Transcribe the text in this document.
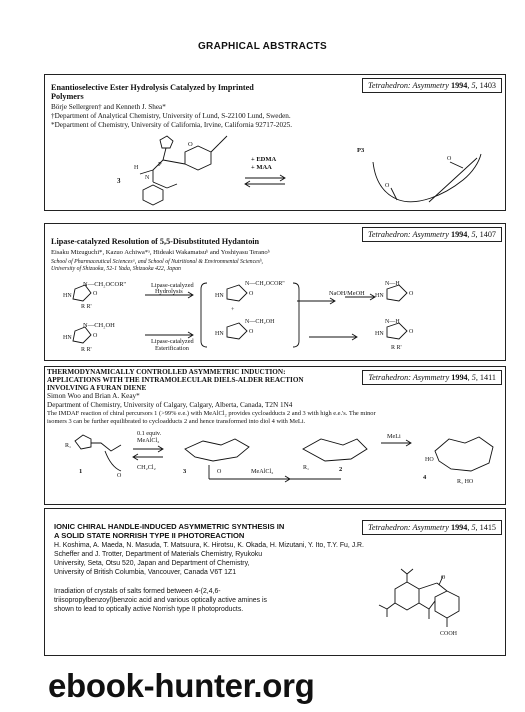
GRAPHICAL ABSTRACTS
Tetrahedron: Asymmetry 1994, 5, 1403
Enantioselective Ester Hydrolysis Catalyzed by Imprinted
Polymers
Börje Sellergren† and Kenneth J. Shea*
†Department of Analytical Chemistry, University of Lund, S-22100 Lund, Sweden.
*Department of Chemistry, University of California, Irvine, California 92717-2025.
3
O
P
N
H
+ EDMA
+ MAA
P3
O
O
Tetrahedron: Asymmetry 1994, 5, 1407
Lipase-catalyzed Resolution of 5,5-Disubstituted Hydantoin
Eisaku Mizuguchi*, Kazuo Achiwa*ᵃ, Hideaki Wakamatsuᵇ and Yoshiyasu Teranoᵇ
School of Pharmaceutical Sciencesᵃ, and School of Nutritional & Environmental Sciencesᵇ,
University of Shizuoka, 52-1 Yada, Shizuoka 422, Japan
N—CH₂OCOR''
N—CH₂OH
HN	O
R R'
HN	O
R R'
Lipase-catalyzed
Hydrolysis
Lipase-catalyzed
Esterification
N—CH₂OCOR''
HN	O
N—CH₂OH
HN	O
+
NaOH/MeOH
N—H
HN	O
N—H
HN	O
R R'
Tetrahedron: Asymmetry 1994, 5, 1411
THERMODYNAMICALLY CONTROLLED ASYMMETRIC INDUCTION:
APPLICATIONS WITH THE INTRAMOLECULAR DIELS-ALDER REACTION
INVOLVING A FURAN DIENE
Simon Woo and Brian A. Keay*
Department of Chemistry, University of Calgary, Calgary, Alberta, Canada, T2N 1N4
The IMDAF reaction of chiral percursors 1 (>99% e.e.) with MeAlCl₂ provides cycloadducts 2 and 3 with high e.e.'s. The minor
isomers 3 can be further equilibrated to cycloadducts 2 and hence transformed into diol 4 with MeLi.
R₁
1
O
0.1 equiv.
MeAlCl₂
CH₂Cl₂
3	O	MeAlCl₂	2
R₁
MeLi
4
HO
R₁ HO
Tetrahedron: Asymmetry 1994, 5, 1415
IONIC CHIRAL HANDLE-INDUCED ASYMMETRIC SYNTHESIS IN
A SOLID STATE NORRISH TYPE II PHOTOREACTION
H. Koshima, A. Maeda, N. Masuda, T. Matsuura, K. Hirotsu, K. Okada, H. Mizutani, Y. Ito, T.Y. Fu, J.R.
Scheffer and J. Trotter, Department of Materials Chemistry, Ryukoku
University, Seta, Otsu 520, Japan and Department of Chemistry,
University of British Columbia, Vancouver, Canada V6T 1Z1
Irradiation of crystals of salts formed between 4-(2,4,6-
triisopropylbenzoyl)benzoic acid and various optically active amines is
shown to lead to optically active Norrish type II photoproducts.
O
COOH
ebook-hunter.org
